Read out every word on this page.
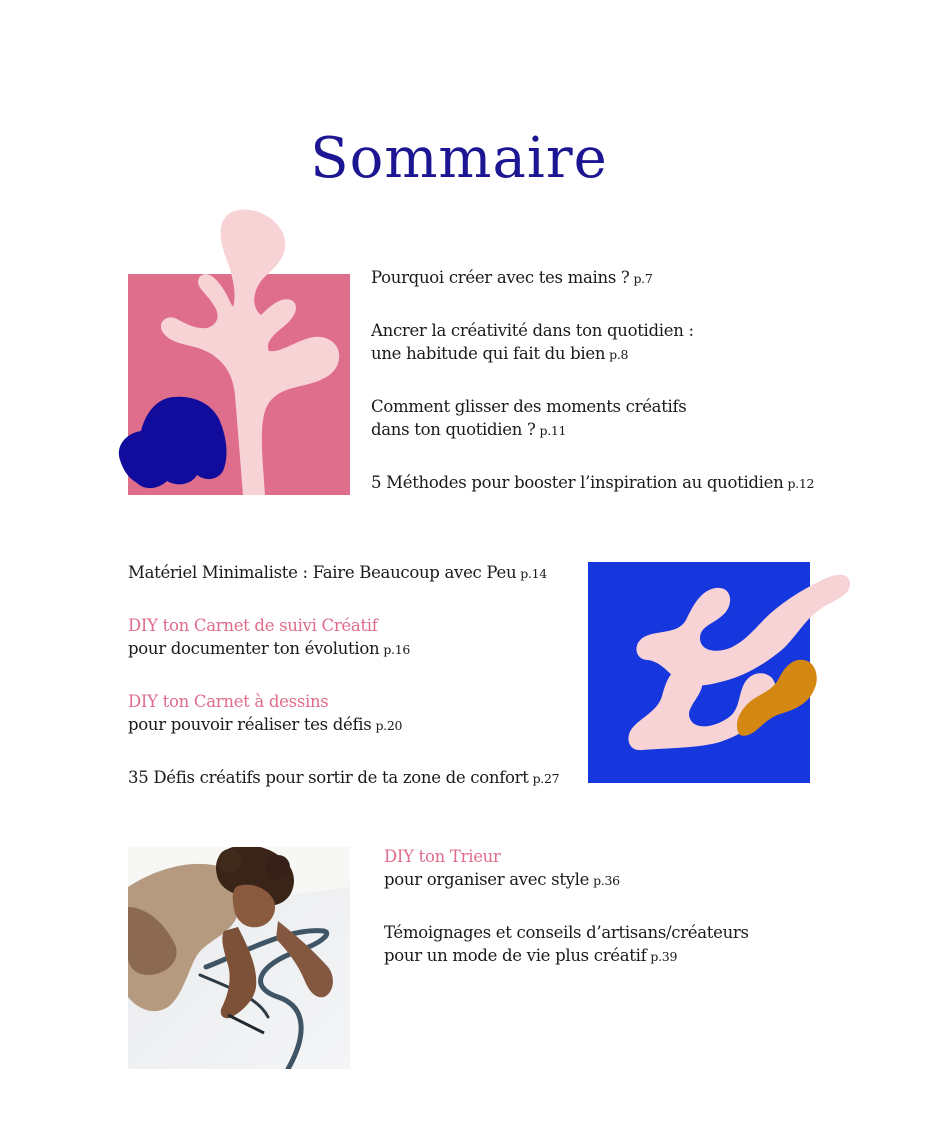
Sommaire
Pourquoi créer avec tes mains ? p.7
Ancrer la créativité dans ton quotidien :
une habitude qui fait du bien p.8
Comment glisser des moments créatifs
dans ton quotidien ? p.11
5 Méthodes pour booster l’inspiration au quotidien p.12
Matériel Minimaliste : Faire Beaucoup avec Peu p.14
DIY ton Carnet de suivi Créatif
pour documenter ton évolution p.16
DIY ton Carnet à dessins
pour pouvoir réaliser tes défis p.20
35 Défis créatifs pour sortir de ta zone de confort p.27
DIY ton Trieur
pour organiser avec style p.36
Témoignages et conseils d’artisans/créateurs
pour un mode de vie plus créatif p.39
